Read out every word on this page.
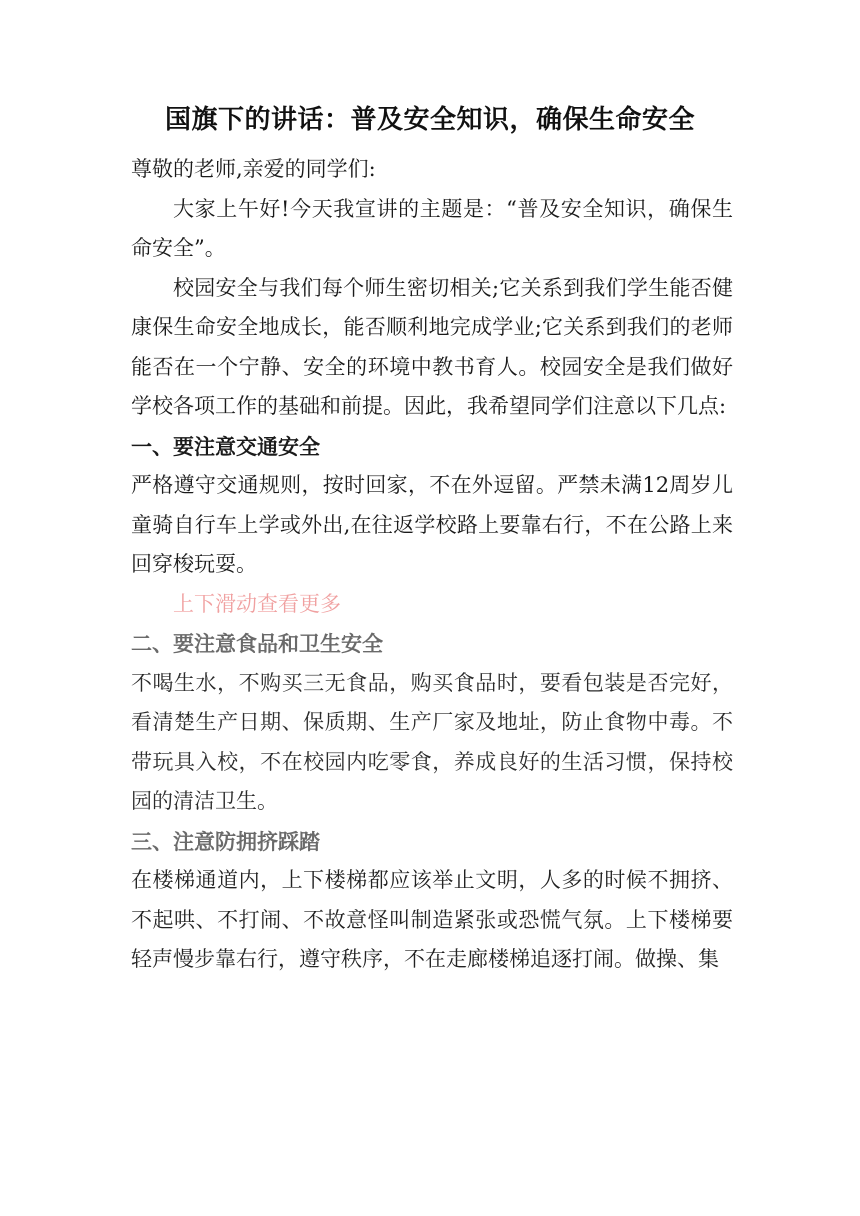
国旗下的讲话：普及安全知识，确保生命安全

尊敬的老师,亲爱的同学们:

大家上午好!今天我宣讲的主题是：“普及安全知识，确保生命安全”。

校园安全与我们每个师生密切相关;它关系到我们学生能否健康保生命安全地成长，能否顺利地完成学业;它关系到我们的老师能否在一个宁静、安全的环境中教书育人。校园安全是我们做好学校各项工作的基础和前提。因此，我希望同学们注意以下几点:

一、要注意交通安全

严格遵守交通规则，按时回家，不在外逗留。严禁未满12周岁儿童骑自行车上学或外出,在往返学校路上要靠右行，不在公路上来回穿梭玩耍。

上下滑动查看更多

二、要注意食品和卫生安全

不喝生水，不购买三无食品，购买食品时，要看包装是否完好，看清楚生产日期、保质期、生产厂家及地址，防止食物中毒。不带玩具入校，不在校园内吃零食，养成良好的生活习惯，保持校园的清洁卫生。

三、注意防拥挤踩踏

在楼梯通道内，上下楼梯都应该举止文明，人多的时候不拥挤、不起哄、不打闹、不故意怪叫制造紧张或恐慌气氛。上下楼梯要轻声慢步靠右行，遵守秩序，不在走廊楼梯追逐打闹。做操、集
